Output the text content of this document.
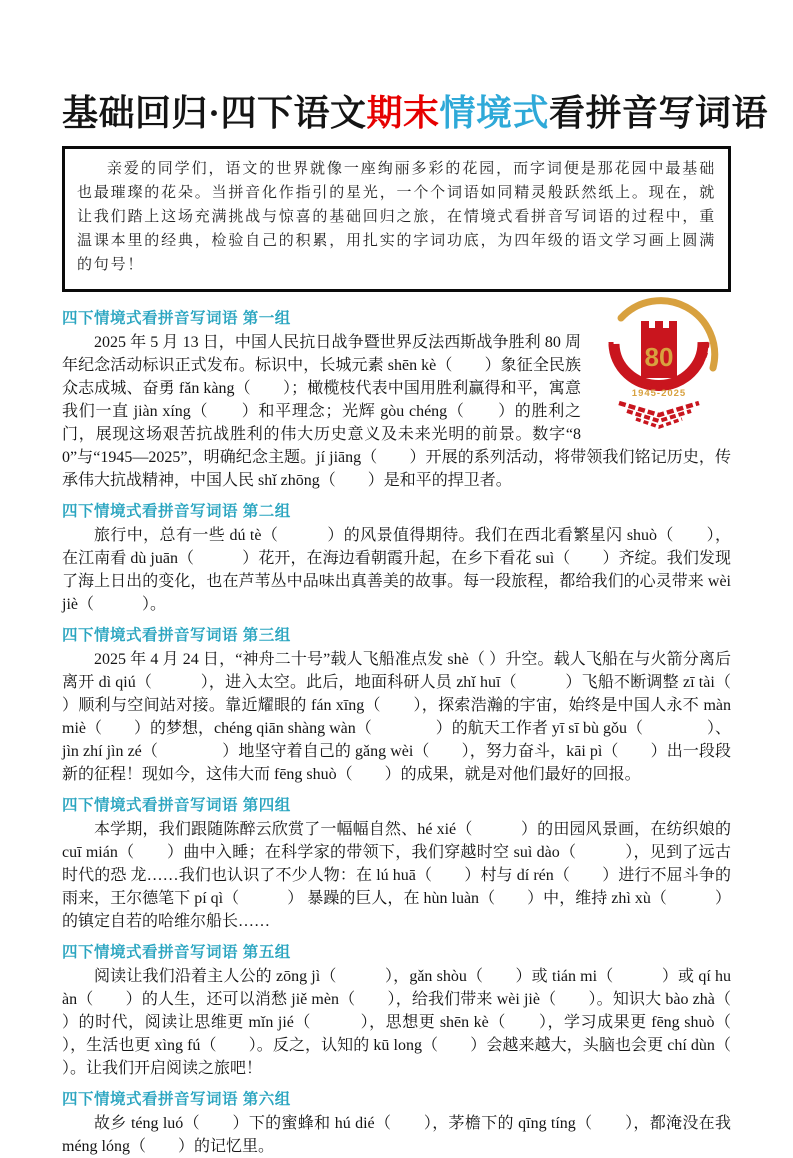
基础回归·四下语文期末情境式看拼音写词语

亲爱的同学们，语文的世界就像一座绚丽多彩的花园，而字词便是那花园中最基础也最璀璨的花朵。当拼音化作指引的星光，一个个词语如同精灵般跃然纸上。现在，就让我们踏上这场充满挑战与惊喜的基础回归之旅，在情境式看拼音写词语的过程中，重温课本里的经典，检验自己的积累，用扎实的字词功底，为四年级的语文学习画上圆满的句号！

80
1945-2025
四下情境式看拼音写词语 第一组

2025 年 5 月 13 日，中国人民抗日战争暨世界反法西斯战争胜利 80 周年纪念活动标识正式发布。标识中，长城元素 shēn kè（　　）象征全民族众志成城、奋勇 fǎn kàng（　　）；橄榄枝代表中国用胜利赢得和平，寓意我们一直 jiàn xíng（　　）和平理念；光辉 gòu chéng（　　）的胜利之门，展现这场艰苦抗战胜利的伟大历史意义及未来光明的前景。数字“80”与“1945—2025”，明确纪念主题。jí jiāng（　　）开展的系列活动，将带领我们铭记历史，传承伟大抗战精神，中国人民 shǐ zhōng（　　）是和平的捍卫者。

四下情境式看拼音写词语 第二组

旅行中，总有一些 dú tè（　　　）的风景值得期待。我们在西北看繁星闪 shuò（　　），在江南看 dù juān（　　　）花开，在海边看朝霞升起，在乡下看花 suì（　　）齐绽。我们发现了海上日出的变化，也在芦苇丛中品味出真善美的故事。每一段旅程，都给我们的心灵带来 wèi jiè（　　　）。

四下情境式看拼音写词语 第三组

2025 年 4 月 24 日，“神舟二十号”载人飞船准点发 shè（ ）升空。载人飞船在与火箭分离后离开 dì qiú（　　　），进入太空。此后，地面科研人员 zhǐ huī（　　　）飞船不断调整 zī tài（　　）顺利与空间站对接。靠近耀眼的 fán xīng（　　），探索浩瀚的宇宙，始终是中国人永不 màn miè（　　）的梦想，chéng qiān shàng wàn（　　　　）的航天工作者 yī sī bù gǒu（　　　　）、jìn zhí jìn zé（　　　　）地坚守着自己的 gǎng wèi（　　），努力奋斗，kāi pì（　　）出一段段新的征程！现如今，这伟大而 fēng shuò（　　）的成果，就是对他们最好的回报。

四下情境式看拼音写词语 第四组

本学期，我们跟随陈醉云欣赏了一幅幅自然、hé xié（　　　）的田园风景画，在纺织娘的 cuī mián（　　）曲中入睡；在科学家的带领下，我们穿越时空 suì dào（　　　），见到了远古时代的恐 龙……我们也认识了不少人物：在 lú huā（　　）村与 dí rén（　　）进行不屈斗争的雨来，王尔德笔下 pí qì（　　　） 暴躁的巨人，在 hùn luàn（　　）中，维持 zhì xù（　　　） 的镇定自若的哈维尔船长……

四下情境式看拼音写词语 第五组

阅读让我们沿着主人公的 zōng jì（　　　），gǎn shòu（　　）或 tián mi（　　　）或 qí huàn（　　）的人生，还可以消愁 jiě mèn（　　），给我们带来 wèi jiè（　　）。知识大 bào zhà（　　）的时代，阅读让思维更 mǐn jié（　　　），思想更 shēn kè（　　），学习成果更 fēng shuò（　　），生活也更 xìng fú（　　）。反之，认知的 kū long（　　）会越来越大，头脑也会更 chí dùn（　　）。让我们开启阅读之旅吧！

四下情境式看拼音写词语 第六组

故乡 téng luó（　　）下的蜜蜂和 hú dié（　　），茅檐下的 qīng tíng（　　），都淹没在我 méng lóng（　　）的记忆里。
